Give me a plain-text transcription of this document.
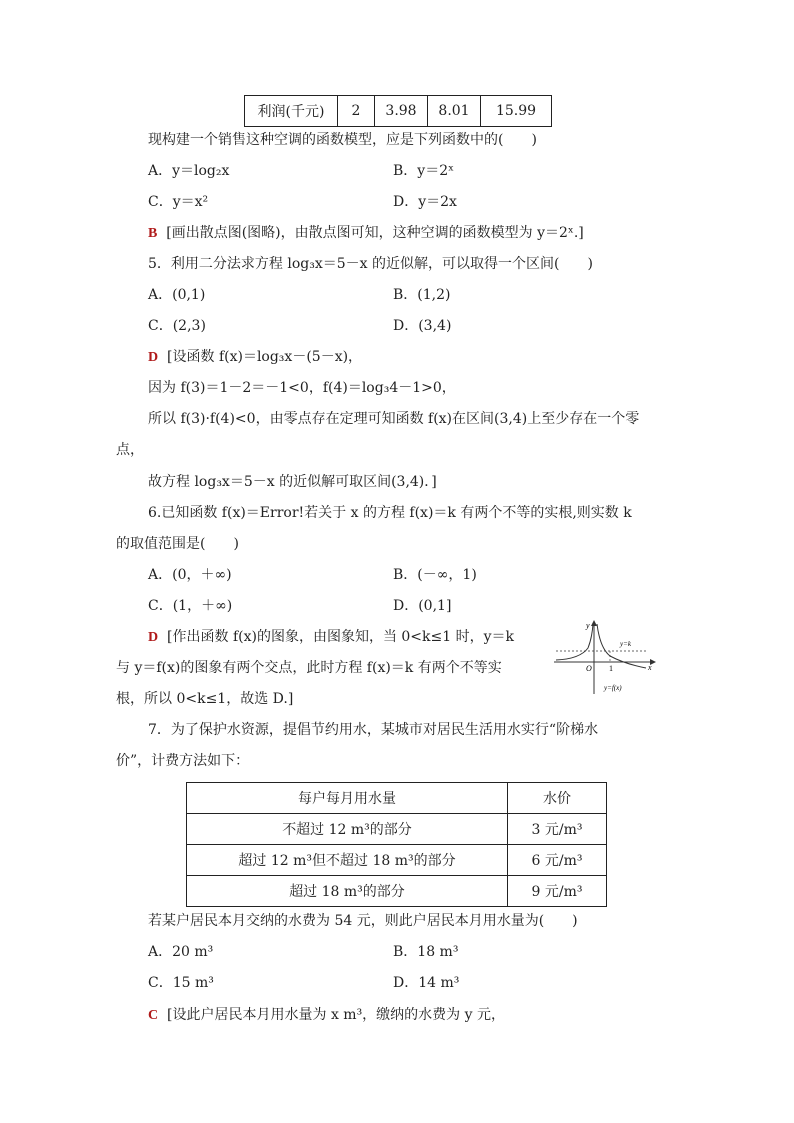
利润(千元)	2	3.98	8.01	15.99
现构建一个销售这种空调的函数模型，应是下列函数中的(　　)
A．y＝log₂x	B．y＝2ˣ
C．y＝x²	D．y＝2x
B [画出散点图(图略)，由散点图可知，这种空调的函数模型为 y＝2ˣ.]
5．利用二分法求方程 log₃x＝5－x 的近似解，可以取得一个区间(　　)
A．(0,1)	B．(1,2)
C．(2,3)	D．(3,4)
D [设函数 f(x)＝log₃x－(5－x)，
因为 f(3)＝1－2＝－1<0，f(4)＝log₃4－1>0，
所以 f(3)·f(4)<0，由零点存在定理可知函数 f(x)在区间(3,4)上至少存在一个零
点，
故方程 log₃x＝5－x 的近似解可取区间(3,4)．]
6.已知函数 f(x)＝Error!若关于 x 的方程 f(x)＝k 有两个不等的实根,则实数 k
的取值范围是(　　)
A．(0，＋∞)	B．(－∞，1)
C．(1，＋∞)	D．(0,1]
D [作出函数 f(x)的图象，由图象知，当 0<k≤1 时，y＝k
与 y＝f(x)的图象有两个交点，此时方程 f(x)＝k 有两个不等实
根，所以 0<k≤1，故选 D.]
y
x
O 1
y=k
y=f(x)
7．为了保护水资源，提倡节约用水，某城市对居民生活用水实行“阶梯水
价”，计费方法如下：
每户每月用水量	水价
不超过 12 m³的部分	3 元/m³
超过 12 m³但不超过 18 m³的部分	6 元/m³
超过 18 m³的部分	9 元/m³
若某户居民本月交纳的水费为 54 元，则此户居民本月用水量为(　　)
A．20 m³	B．18 m³
C．15 m³	D．14 m³
C [设此户居民本月用水量为 x m³，缴纳的水费为 y 元，
